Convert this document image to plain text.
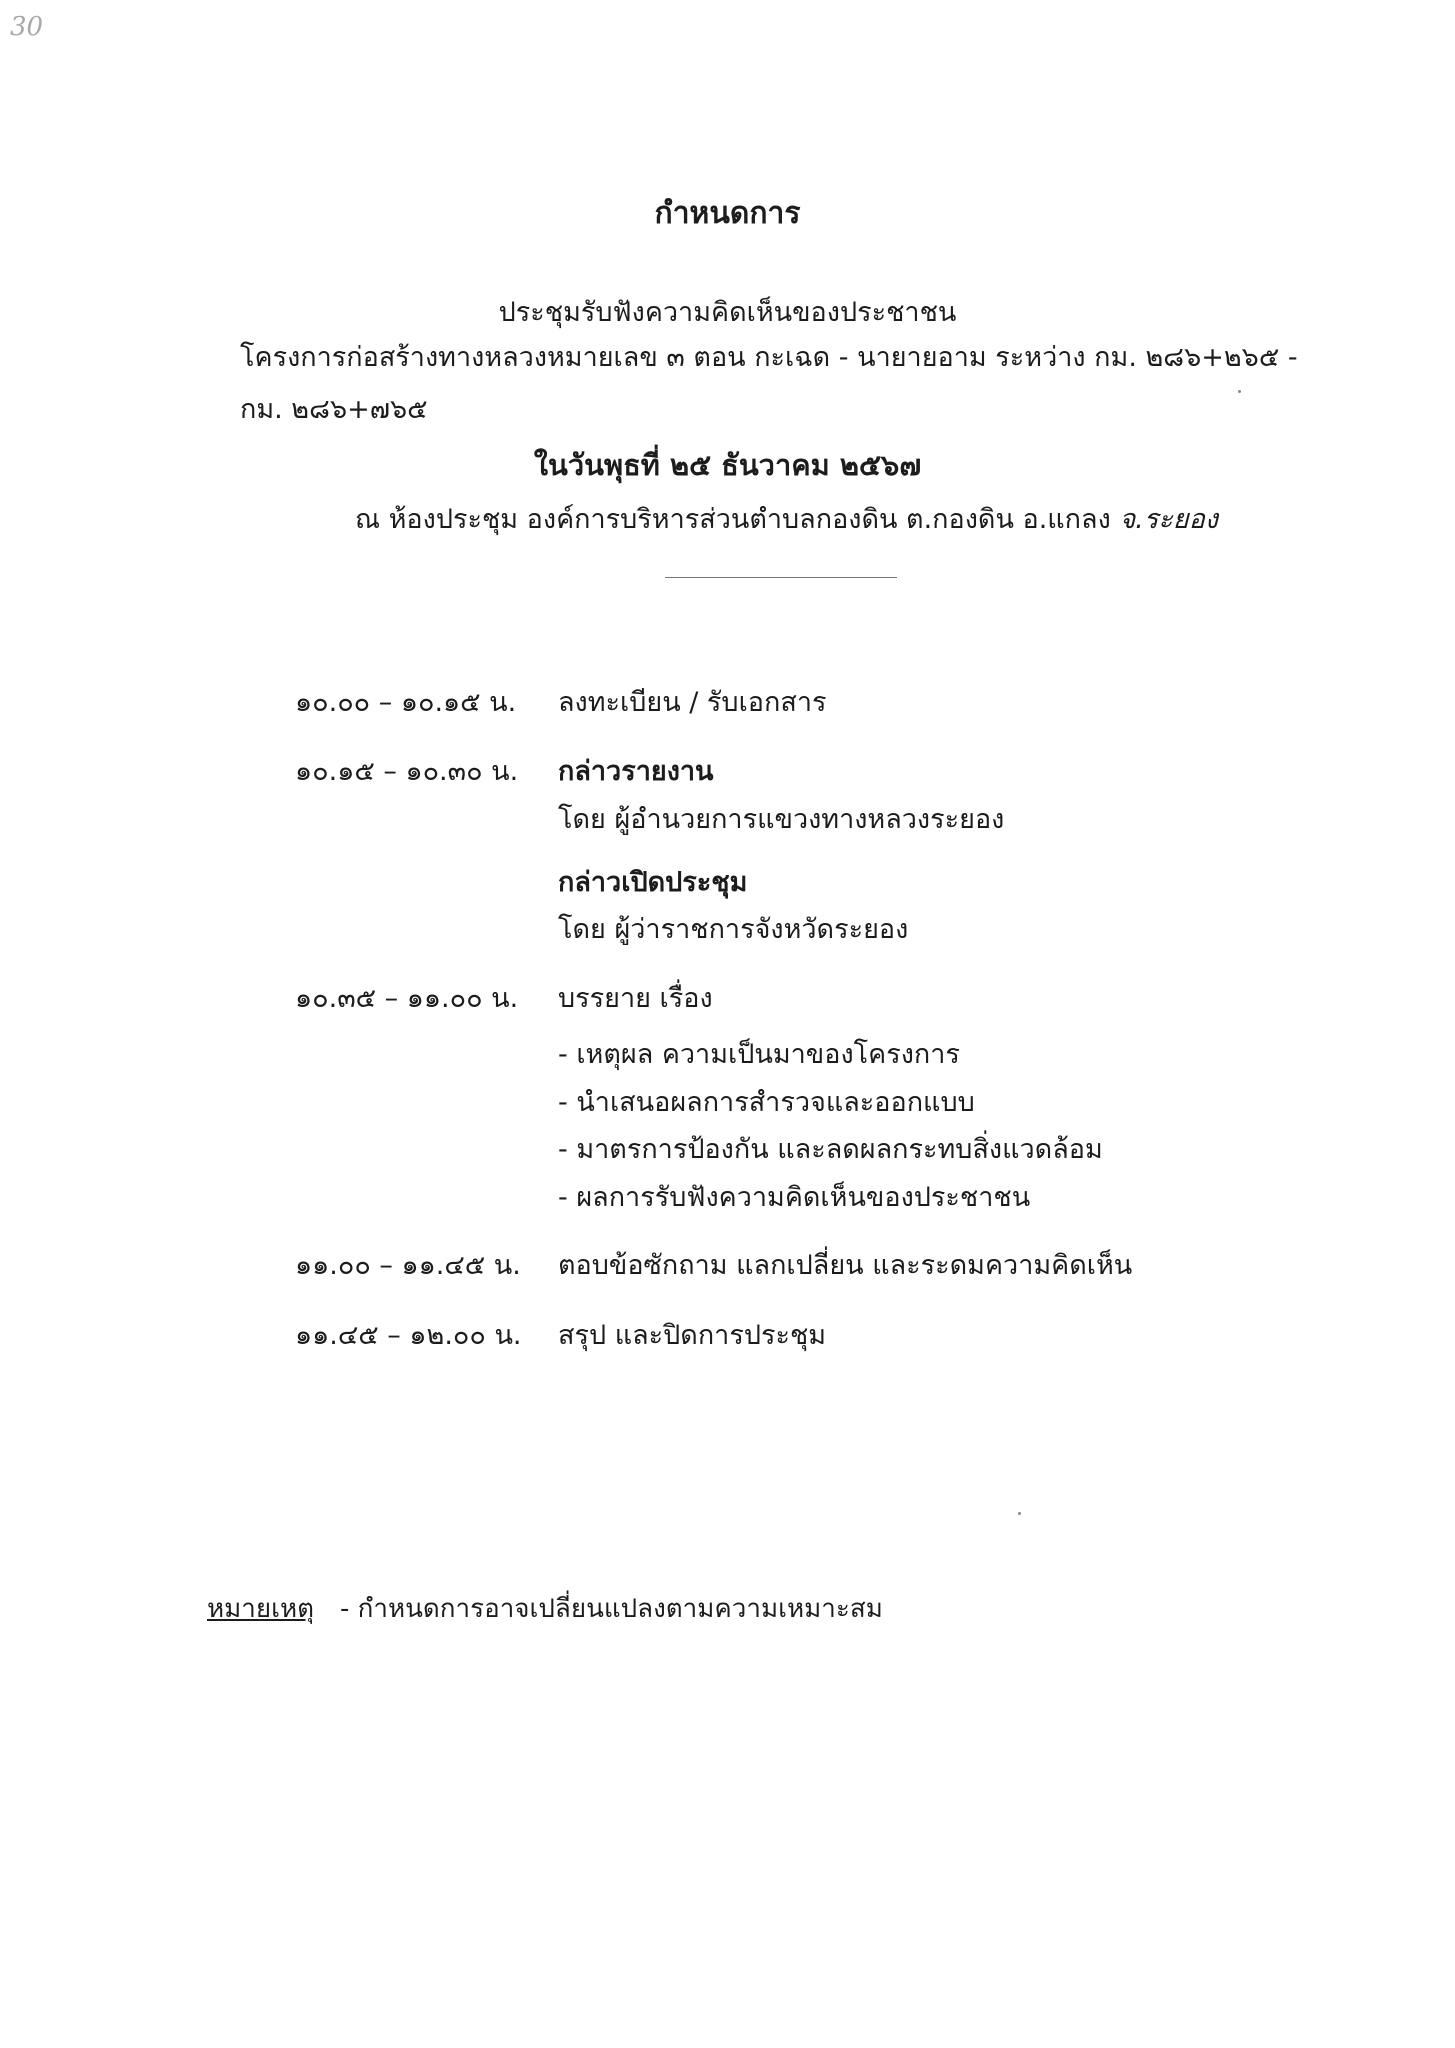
30
กำหนดการ
ประชุมรับฟังความคิดเห็นของประชาชน
โครงการก่อสร้างทางหลวงหมายเลข ๓ ตอน กะเฉด - นายายอาม ระหว่าง กม. ๒๘๖+๒๖๕ -
กม. ๒๘๖+๗๖๕
ในวันพุธที่ ๒๕ ธันวาคม ๒๕๖๗
ณ ห้องประชุม องค์การบริหารส่วนตำบลกองดิน ต.กองดิน อ.แกลง จ.ระยอง
๑๐.๐๐ – ๑๐.๑๕ น.	ลงทะเบียน / รับเอกสาร
๑๐.๑๕ – ๑๐.๓๐ น.	กล่าวรายงาน
โดย ผู้อำนวยการแขวงทางหลวงระยอง
กล่าวเปิดประชุม
โดย ผู้ว่าราชการจังหวัดระยอง
๑๐.๓๕ – ๑๑.๐๐ น.	บรรยาย เรื่อง
- เหตุผล ความเป็นมาของโครงการ
- นำเสนอผลการสำรวจและออกแบบ
- มาตรการป้องกัน และลดผลกระทบสิ่งแวดล้อม
- ผลการรับฟังความคิดเห็นของประชาชน
๑๑.๐๐ – ๑๑.๔๕ น.	ตอบข้อซักถาม แลกเปลี่ยน และระดมความคิดเห็น
๑๑.๔๕ – ๑๒.๐๐ น.	สรุป และปิดการประชุม
หมายเหตุ - กำหนดการอาจเปลี่ยนแปลงตามความเหมาะสม
